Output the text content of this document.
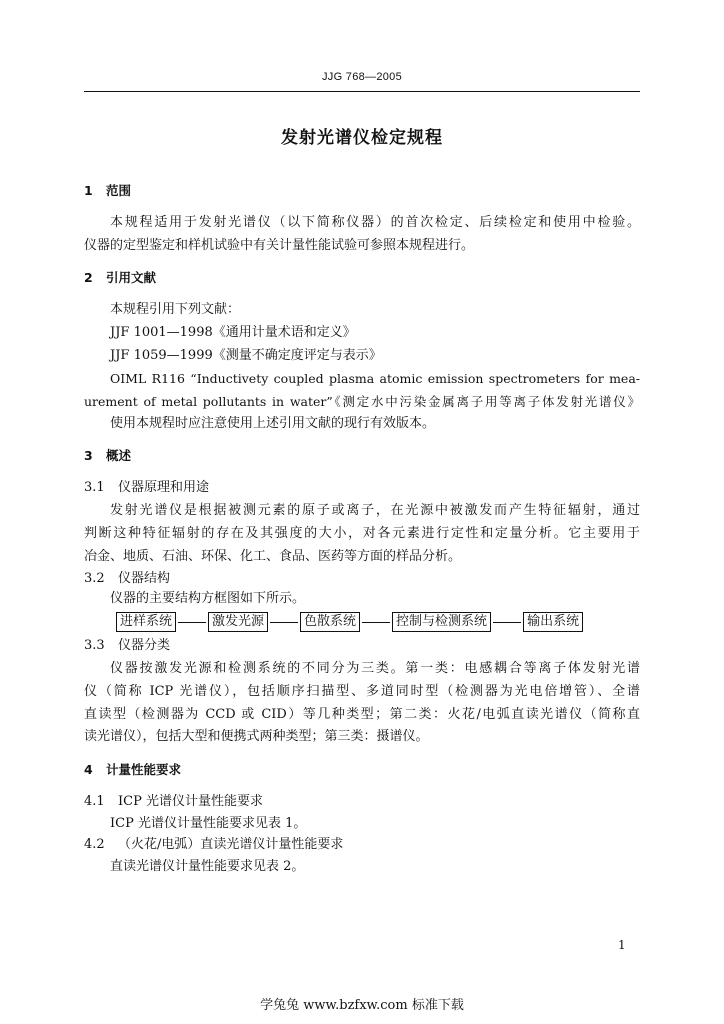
JJG 768—2005
发射光谱仪检定规程
1 范围
本规程适用于发射光谱仪（以下简称仪器）的首次检定、后续检定和使用中检验。
仪器的定型鉴定和样机试验中有关计量性能试验可参照本规程进行。
2 引用文献
本规程引用下列文献：
JJF 1001—1998《通用计量术语和定义》
JJF 1059—1999《测量不确定度评定与表示》
OIML R116 “Inductivety coupled plasma atomic emission spectrometers for mea-
urement of metal pollutants in water”《测定水中污染金属离子用等离子体发射光谱仪》
使用本规程时应注意使用上述引用文献的现行有效版本。
3 概述
3.1 仪器原理和用途
发射光谱仪是根据被测元素的原子或离子，在光源中被激发而产生特征辐射，通过
判断这种特征辐射的存在及其强度的大小，对各元素进行定性和定量分析。它主要用于
冶金、地质、石油、环保、化工、食品、医药等方面的样品分析。
3.2 仪器结构
仪器的主要结构方框图如下所示。
进样系统	激发光源	色散系统	控制与检测系统	输出系统
3.3 仪器分类
仪器按激发光源和检测系统的不同分为三类。第一类：电感耦合等离子体发射光谱
仪（简称 ICP 光谱仪），包括顺序扫描型、多道同时型（检测器为光电倍增管）、全谱
直读型（检测器为 CCD 或 CID）等几种类型；第二类：火花/电弧直读光谱仪（简称直
读光谱仪），包括大型和便携式两种类型；第三类：摄谱仪。
4 计量性能要求
4.1 ICP 光谱仪计量性能要求
ICP 光谱仪计量性能要求见表 1。
4.2 （火花/电弧）直读光谱仪计量性能要求
直读光谱仪计量性能要求见表 2。
1
学兔兔 www.bzfxw.com 标准下载
